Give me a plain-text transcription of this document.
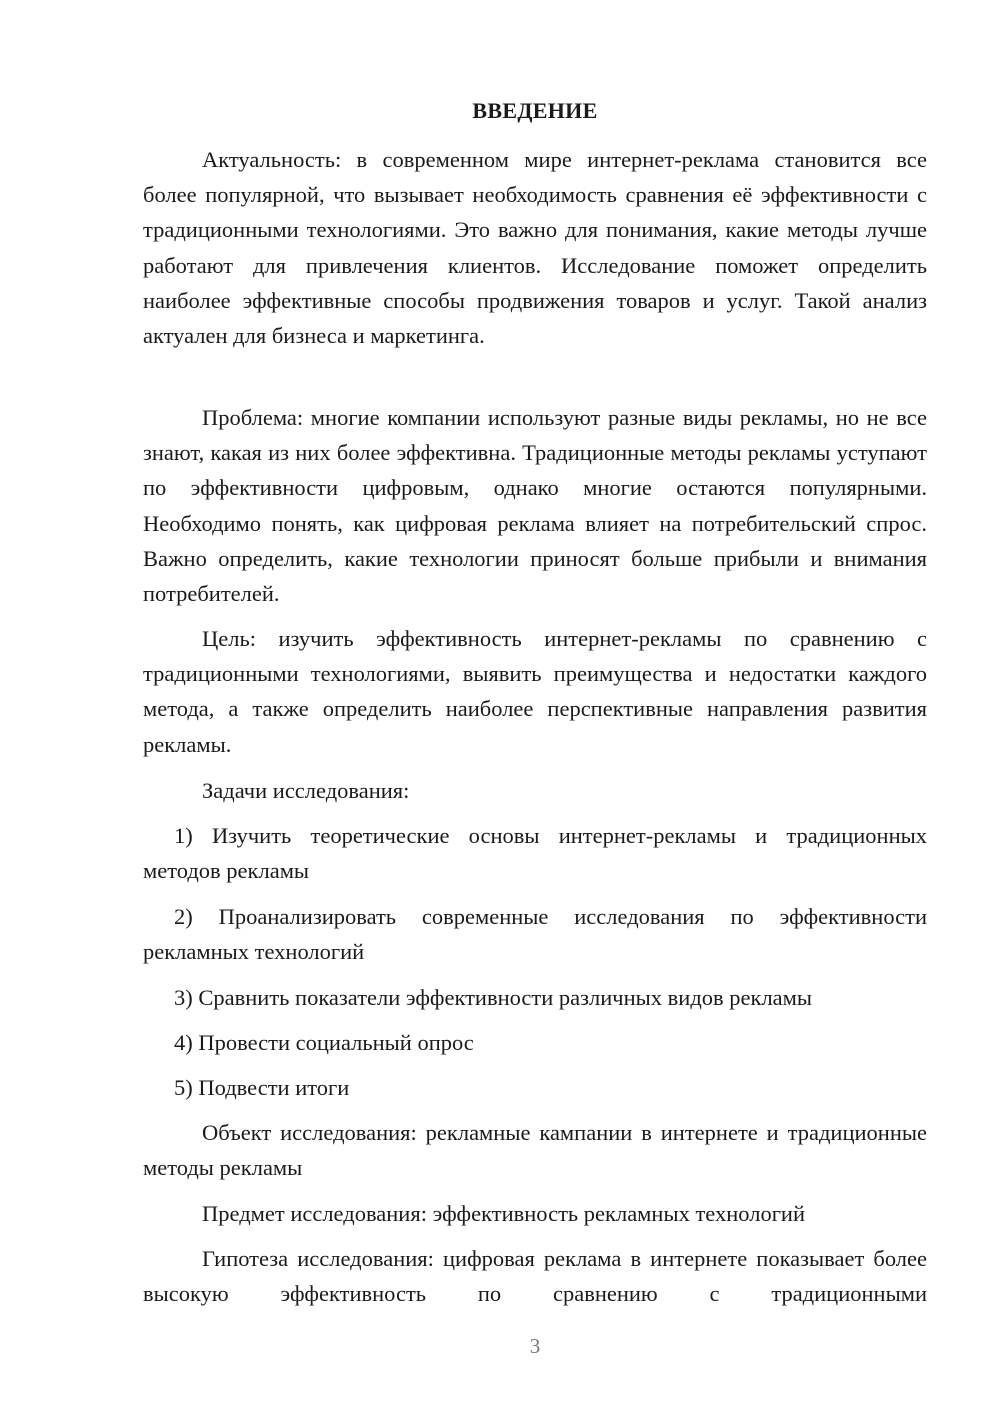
ВВЕДЕНИЕ

Актуальность: в современном мире интернет-реклама становится все более популярной, что вызывает необходимость сравнения её эффективности с традиционными технологиями. Это важно для понимания, какие методы лучше работают для привлечения клиентов. Исследование поможет определить наиболее эффективные способы продвижения товаров и услуг. Такой анализ актуален для бизнеса и маркетинга.

Проблема: многие компании используют разные виды рекламы, но не все знают, какая из них более эффективна. Традиционные методы рекламы уступают по эффективности цифровым, однако многие остаются популярными. Необходимо понять, как цифровая реклама влияет на потребительский спрос. Важно определить, какие технологии приносят больше прибыли и внимания потребителей.

Цель: изучить эффективность интернет-рекламы по сравнению с традиционными технологиями, выявить преимущества и недостатки каждого метода, а также определить наиболее перспективные направления развития рекламы.

Задачи исследования:

1) Изучить теоретические основы интернет-рекламы и традиционных методов рекламы

2) Проанализировать современные исследования по эффективности рекламных технологий

3) Сравнить показатели эффективности различных видов рекламы

4) Провести социальный опрос

5) Подвести итоги

Объект исследования: рекламные кампании в интернете и традиционные методы рекламы

Предмет исследования: эффективность рекламных технологий

Гипотеза исследования: цифровая реклама в интернете показывает более высокую эффективность по сравнению с традиционными

3
